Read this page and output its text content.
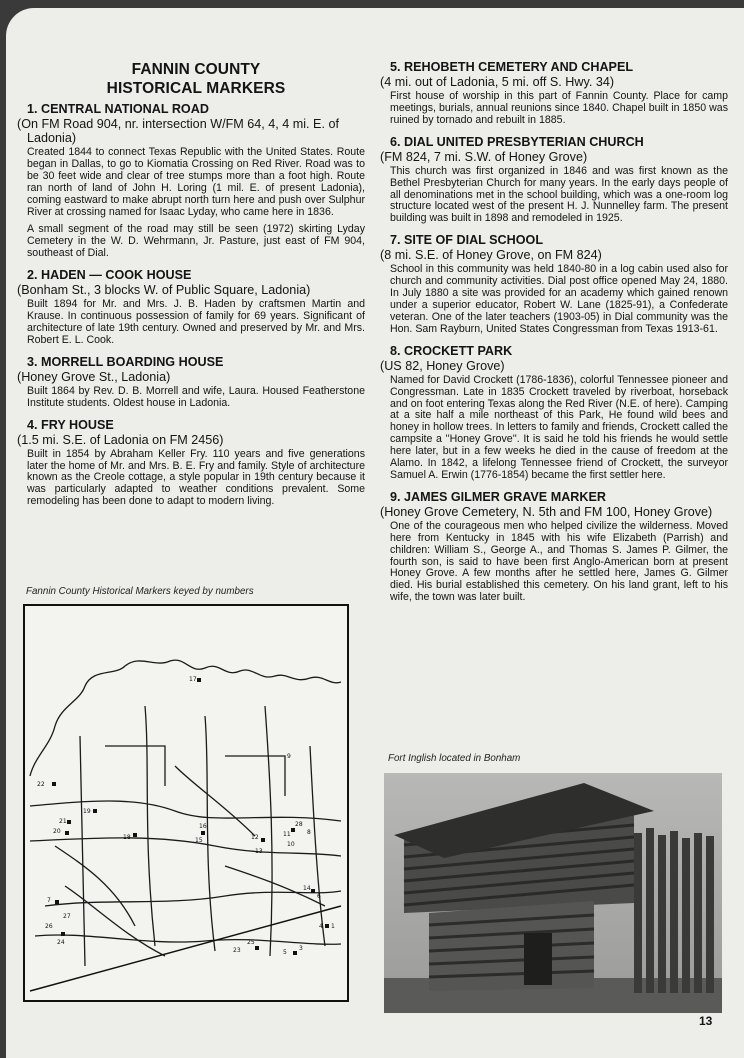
FANNIN COUNTY
HISTORICAL MARKERS

1. CENTRAL NATIONAL ROAD

(On FM Road 904, nr. intersection W/FM 64, 4, 4 mi. E. of Ladonia)

Created 1844 to connect Texas Republic with the United States. Route began in Dallas, to go to Kiomatia Crossing on Red River. Road was to be 30 feet wide and clear of tree stumps more than a foot high. Route ran north of land of John H. Loring (1 mil. E. of present Ladonia), coming eastward to make abrupt north turn here and push over Sulphur River at crossing named for Isaac Lyday, who came here in 1836.

A small segment of the road may still be seen (1972) skirting Lyday Cemetery in the W. D. Wehrmann, Jr. Pasture, just east of FM 904, southeast of Dial.

2. HADEN — COOK HOUSE

(Bonham St., 3 blocks W. of Public Square, Ladonia)

Built 1894 for Mr. and Mrs. J. B. Haden by craftsmen Martin and Krause. In continuous possession of family for 69 years. Significant of architecture of late 19th century. Owned and preserved by Mr. and Mrs. Robert E. L. Cook.

3. MORRELL BOARDING HOUSE

(Honey Grove St., Ladonia)

Built 1864 by Rev. D. B. Morrell and wife, Laura. Housed Featherstone Institute students. Oldest house in Ladonia.

4. FRY HOUSE

(1.5 mi. S.E. of Ladonia on FM 2456)

Built in 1854 by Abraham Keller Fry. 110 years and five generations later the home of Mr. and Mrs. B. E. Fry and family. Style of architecture known as the Creole cottage, a style popular in 19th century because it was particularly adapted to weather conditions prevalent. Some remodeling has been done to adapt to modern living.

5. REHOBETH CEMETERY AND CHAPEL

(4 mi. out of Ladonia, 5 mi. off S. Hwy. 34)

First house of worship in this part of Fannin County. Place for camp meetings, burials, annual reunions since 1840. Chapel built in 1850 was ruined by tornado and rebuilt in 1885.

6. DIAL UNITED PRESBYTERIAN CHURCH

(FM 824, 7 mi. S.W. of Honey Grove)

This church was first organized in 1846 and was first known as the Bethel Presbyterian Church for many years. In the early days people of all denominations met in the school building, which was a one-room log structure located west of the present H. J. Nunnelley farm. The present building was built in 1898 and remodeled in 1925.

7. SITE OF DIAL SCHOOL

(8 mi. S.E. of Honey Grove, on FM 824)

School in this community was held 1840-80 in a log cabin used also for church and community activities. Dial post office opened May 24, 1880. In July 1880 a site was provided for an academy which gained renown under a superior educator, Robert W. Lane (1825-91), a Confederate veteran. One of the later teachers (1903-05) in Dial community was the Hon. Sam Rayburn, United States Congressman from Texas 1913-61.

8. CROCKETT PARK

(US 82, Honey Grove)

Named for David Crockett (1786-1836), colorful Tennessee pioneer and Congressman. Late in 1835 Crockett traveled by riverboat, horseback and on foot entering Texas along the Red River (N.E. of here). Camping at a site half a mile northeast of this Park, He found wild bees and honey in hollow trees. In letters to family and friends, Crockett called the campsite a ''Honey Grove''. It is said he told his friends he would settle here later, but in a few weeks he died in the cause of freedom at the Alamo. In 1842, a lifelong Tennessee friend of Crockett, the surveyor Samuel A. Erwin (1776-1854) became the first settler here.

9. JAMES GILMER GRAVE MARKER

(Honey Grove Cemetery, N. 5th and FM 100, Honey Grove)

One of the courageous men who helped civilize the wilderness. Moved here from Kentucky in 1845 with his wife Elizabeth (Parrish) and children: William S., George A., and Thomas S. James P. Gilmer, the fourth son, is said to have been first Anglo-American born at present Honey Grove. A few months after he settled here, James G. Gilmer died. His burial established this cemetery. On his land grant, left to his wife, the town was later built.

Fannin County Historical Markers keyed by numbers
17
22
19
21
20
18
16
15	12
13
11
10
28
8
9
14
6
7
27
26
24
23
25
5
3
4 1
Fort Inglish located in Bonham
13
